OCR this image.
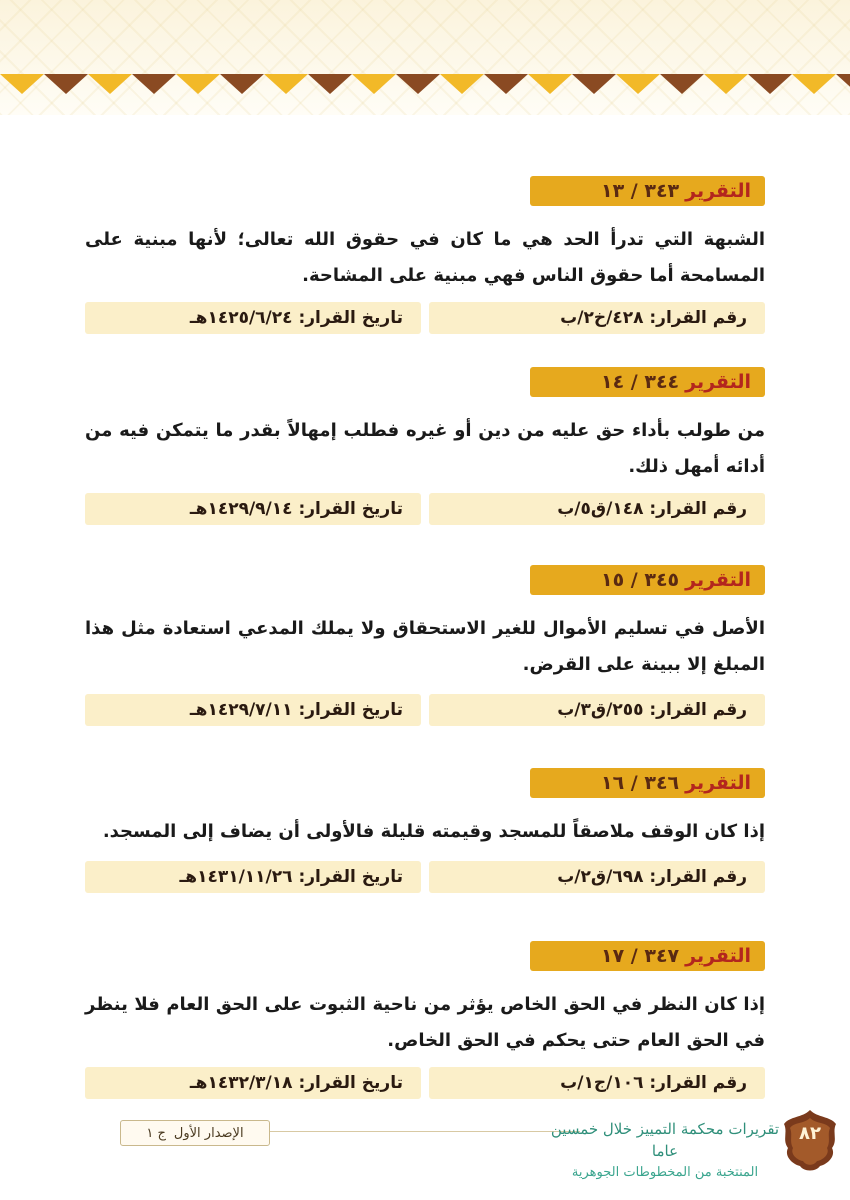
التقرير
٣٤٣ / ١٣

الشبهة التي تدرأ الحد هي ما كان في حقوق الله تعالى؛ لأنها مبنية على المسامحة أما حقوق الناس فهي مبنية على المشاحة.

رقم القرار: ٤٢٨/خ٢/ب
تاريخ القرار: ١٤٢٥/٦/٢٤هـ
التقرير
٣٤٤ / ١٤

من طولب بأداء حق عليه من دين أو غيره فطلب إمهالاً بقدر ما يتمكن فيه من أدائه أمهل ذلك.

رقم القرار: ١٤٨/ق٥/ب
تاريخ القرار: ١٤٢٩/٩/١٤هـ
التقرير
٣٤٥ / ١٥

الأصل في تسليم الأموال للغير الاستحقاق ولا يملك المدعي استعادة مثل هذا المبلغ إلا ببينة على القرض.

رقم القرار: ٢٥٥/ق٣/ب
تاريخ القرار: ١٤٢٩/٧/١١هـ
التقرير
٣٤٦ / ١٦

إذا كان الوقف ملاصقاً للمسجد وقيمته قليلة فالأولى أن يضاف إلى المسجد.

رقم القرار: ٦٩٨/ق٢/ب
تاريخ القرار: ١٤٣١/١١/٢٦هـ
التقرير
٣٤٧ / ١٧

إذا كان النظر في الحق الخاص يؤثر من ناحية الثبوت على الحق العام فلا ينظر في الحق العام حتى يحكم في الحق الخاص.

رقم القرار: ١٠٦/ج١/ب
تاريخ القرار: ١٤٣٢/٣/١٨هـ
تقريرات محكمة التمييز خلال خمسين عاما
المنتخبة من المخطوطات الجوهرية
الإصدار الأول
ج ١	٨٢
